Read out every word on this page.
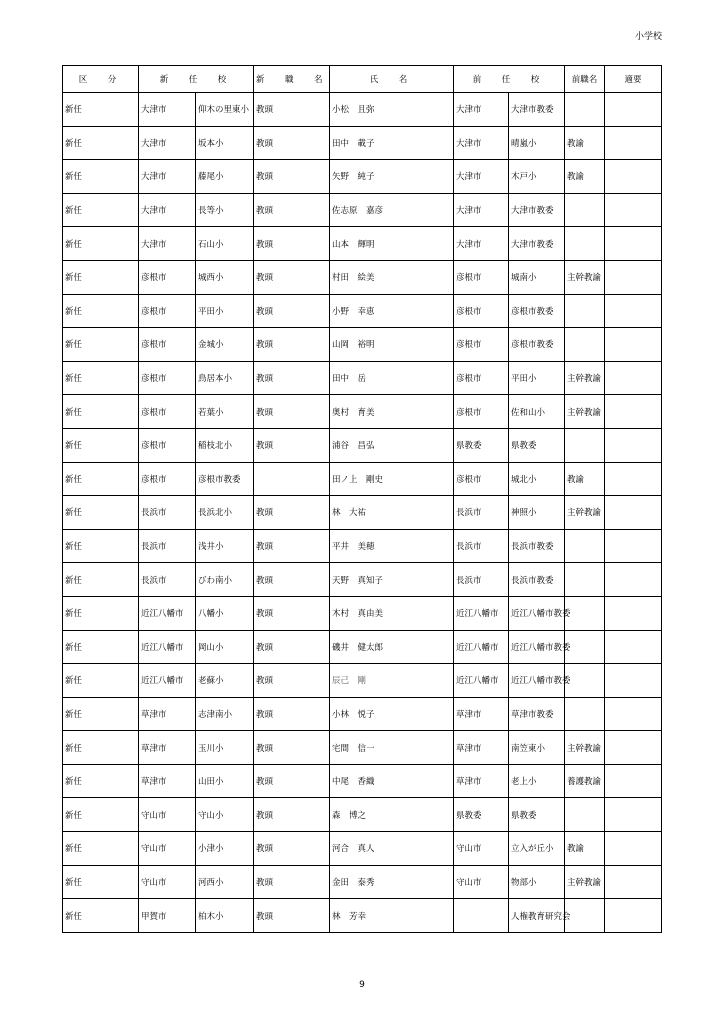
小学校
区　分	新　任　校		新　職　名	氏　名	前　任　校		前職名	適要
新任	大津市	仰木の里東小	教頭	小松　且弥	大津市	大津市教委		
新任	大津市	坂本小	教頭	田中　載子	大津市	晴嵐小	教諭	
新任	大津市	藤尾小	教頭	矢野　純子	大津市	木戸小	教諭	
新任	大津市	長等小	教頭	佐志原　嘉彦	大津市	大津市教委		
新任	大津市	石山小	教頭	山本　輝明	大津市	大津市教委		
新任	彦根市	城西小	教頭	村田　絵美	彦根市	城南小	主幹教諭	
新任	彦根市	平田小	教頭	小野　幸恵	彦根市	彦根市教委		
新任	彦根市	金城小	教頭	山岡　裕明	彦根市	彦根市教委		
新任	彦根市	鳥居本小	教頭	田中　岳	彦根市	平田小	主幹教諭	
新任	彦根市	若葉小	教頭	奥村　育美	彦根市	佐和山小	主幹教諭	
新任	彦根市	稲枝北小	教頭	浦谷　昌弘	県教委	県教委		
新任	彦根市	彦根市教委		田ノ上　剛史	彦根市	城北小	教諭	
新任	長浜市	長浜北小	教頭	林　大祐	長浜市	神照小	主幹教諭	
新任	長浜市	浅井小	教頭	平井　美穂	長浜市	長浜市教委		
新任	長浜市	びわ南小	教頭	天野　真知子	長浜市	長浜市教委		
新任	近江八幡市	八幡小	教頭	木村　真由美	近江八幡市	近江八幡市教委		
新任	近江八幡市	岡山小	教頭	磯井　健太郎	近江八幡市	近江八幡市教委		
新任	近江八幡市	老蘇小	教頭	辰己　剛	近江八幡市	近江八幡市教委		
新任	草津市	志津南小	教頭	小林　悦子	草津市	草津市教委		
新任	草津市	玉川小	教頭	宅間　信一	草津市	南笠東小	主幹教諭	
新任	草津市	山田小	教頭	中尾　香織	草津市	老上小	養護教諭	
新任	守山市	守山小	教頭	森　博之	県教委	県教委		
新任	守山市	小津小	教頭	河合　真人	守山市	立入が丘小	教諭	
新任	守山市	河西小	教頭	金田　泰秀	守山市	物部小	主幹教諭	
新任	甲賀市	柏木小	教頭	林　芳幸		人権教育研究会		
9
